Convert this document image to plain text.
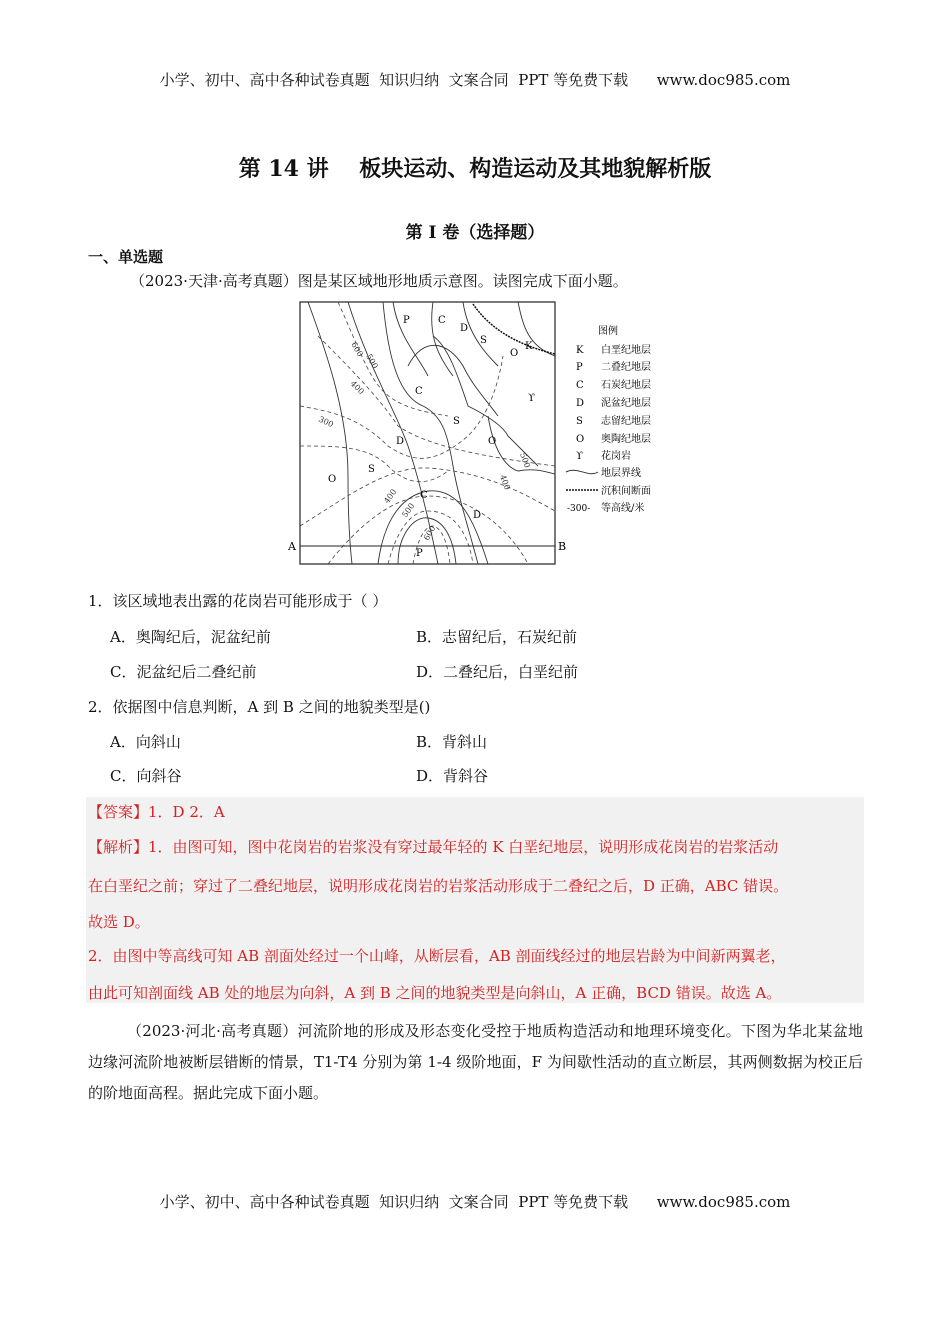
小学、初中、高中各种试卷真题  知识归纳  文案合同  PPT 等免费下载      www.doc985.com
第 14 讲    板块运动、构造运动及其地貌解析版
第 I 卷（选择题）
一、单选题
（2023·天津·高考真题）图是某区域地形地质示意图。读图完成下面小题。
A	B
P	C
D
S
K
O
ϒ
C
S
D	O
O
S
C
D
P
600
500
400
300
400
500
400
500
600
图例
K 白垩纪地层
P 二叠纪地层
C 石炭纪地层
D 泥盆纪地层
S 志留纪地层
O 奥陶纪地层
ϒ 花岗岩
地层界线
沉积间断面
-300- 等高线/米
1．该区域地表出露的花岗岩可能形成于（ ）
A．奥陶纪后，泥盆纪前	B．志留纪后，石炭纪前
C．泥盆纪后二叠纪前	D．二叠纪后，白垩纪前
2．依据图中信息判断，A 到 B 之间的地貌类型是()
A．向斜山	B．背斜山
C．向斜谷	D．背斜谷
【答案】1．D 2．A
【解析】1．由图可知，图中花岗岩的岩浆没有穿过最年轻的 K 白垩纪地层，说明形成花岗岩的岩浆活动
在白垩纪之前；穿过了二叠纪地层，说明形成花岗岩的岩浆活动形成于二叠纪之后，D 正确，ABC 错误。
故选 D。
2．由图中等高线可知 AB 剖面处经过一个山峰，从断层看，AB 剖面线经过的地层岩龄为中间新两翼老，
由此可知剖面线 AB 处的地层为向斜，A 到 B 之间的地貌类型是向斜山，A 正确，BCD 错误。故选 A。
（2023·河北·高考真题）河流阶地的形成及形态变化受控于地质构造活动和地理环境变化。下图为华北某盆地边缘河流阶地被断层错断的情景，T1-T4 分别为第 1-4 级阶地面，F 为间歇性活动的直立断层，其两侧数据为校正后的阶地面高程。据此完成下面小题。
小学、初中、高中各种试卷真题  知识归纳  文案合同  PPT 等免费下载      www.doc985.com
